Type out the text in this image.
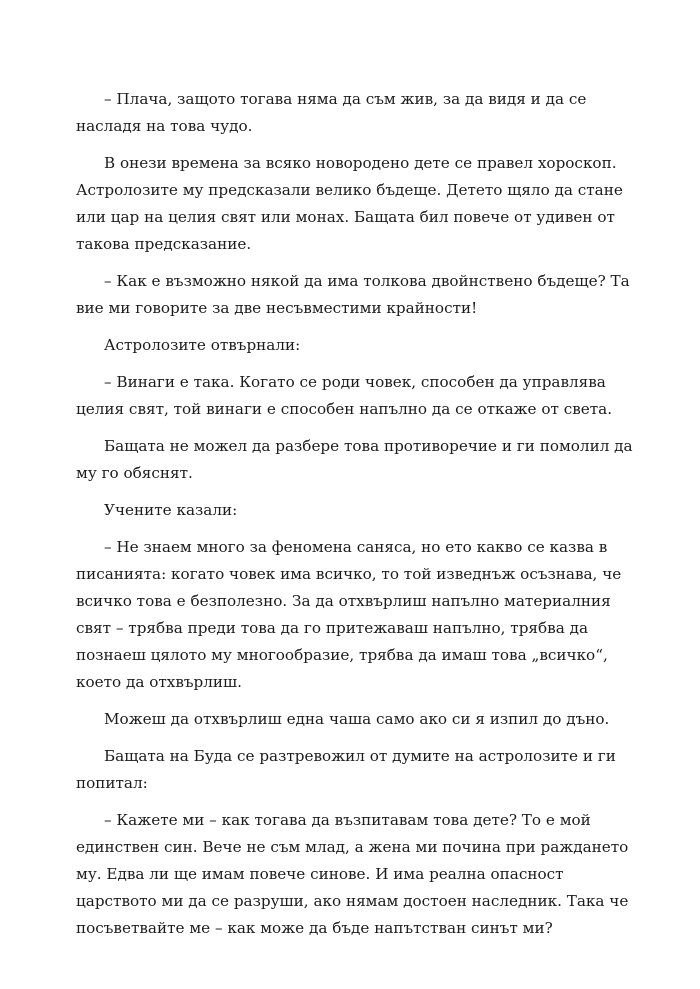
– Плача, защото тогава няма да съм жив, за да видя и да се насладя на това чудо.

В онези времена за всяко новородено дете се правел хороскоп. Астролозите му предсказали велико бъдеще. Детето щяло да стане или цар на целия свят или монах. Бащата бил повече от удивен от такова предсказание.

– Как е възможно някой да има толкова двойнствено бъдеще? Та вие ми говорите за две несъвместими крайности!

Астролозите отвърнали:

– Винаги е така. Когато се роди човек, способен да управлява целия свят, той винаги е способен напълно да се откаже от света.

Бащата не можел да разбере това противоречие и ги помолил да му го обяснят.

Учените казали:

– Не знаем много за феномена саняса, но ето какво се казва в писанията: когато човек има всичко, то той изведнъж осъзнава, че всичко това е безполезно. За да отхвърлиш напълно материалния свят – трябва преди това да го притежаваш напълно, трябва да познаеш цялото му многообразие, трябва да имаш това „всичко“, което да отхвърлиш.

Можеш да отхвърлиш една чаша само ако си я изпил до дъно.

Бащата на Буда се разтревожил от думите на астролозите и ги попитал:

– Кажете ми – как тогава да възпитавам това дете? То е мой единствен син. Вече не съм млад, а жена ми почина при раждането му. Едва ли ще имам повече синове. И има реална опасност царството ми да се разруши, ако нямам достоен наследник. Така че посъветвайте ме – как може да бъде напътстван синът ми?
